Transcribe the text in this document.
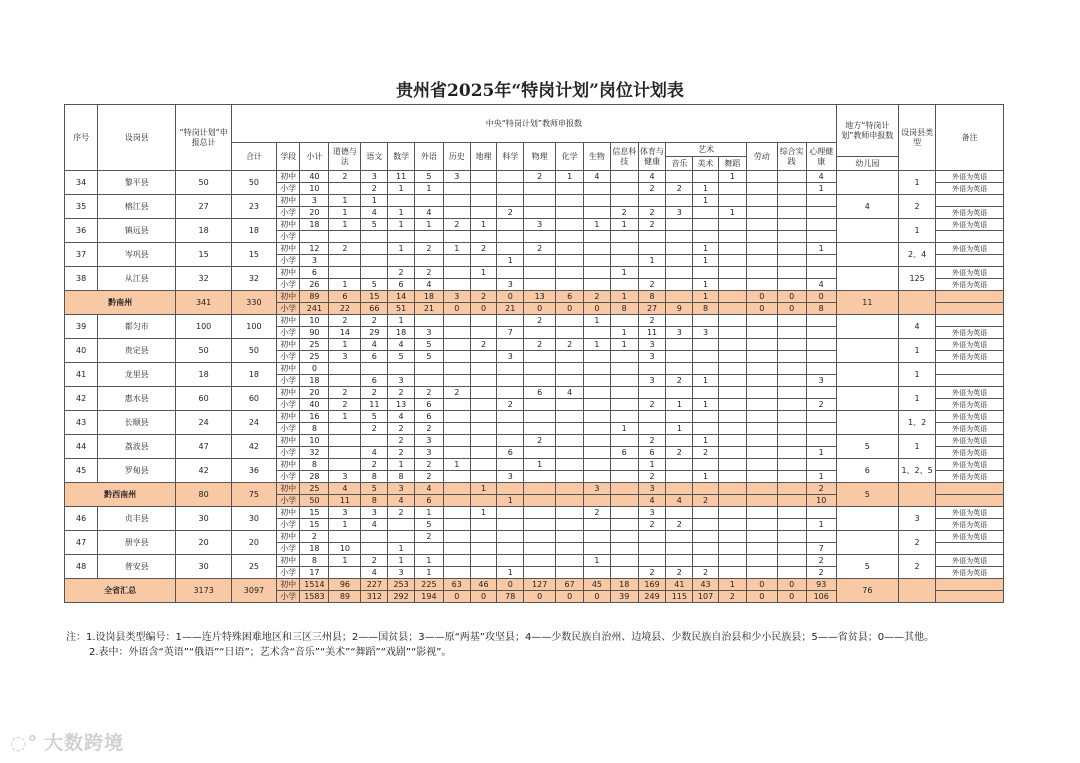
贵州省2025年“特岗计划”岗位计划表
序号	设岗县	“特岗计划”申报总计	中央“特岗计划”教师申报数																					地方“特岗计划”教师申报数	设岗县类型	备注
			合计	学段	小计	道德与法	语文	数学	外语	历史	地理	科学	物理	化学	生物	信息科技	体育与健康	艺术			劳动	综合实践	心理健康			
																		音乐	美术	舞蹈				幼儿园		
34	黎平县	50	50	初中	40	2	3	11	5	3			2	1	4		4			1			4		1	外语为英语
				小学	10		2	1	1								2	2	1				1			外语为英语
35	榕江县	27	23	初中	3	1	1												1					4	2	
				小学	20	1	4	1	4			2				2	2	3		1						外语为英语
36	镇远县	18	18	初中	18	1	5	1	1	2	1		3		1	1	2								1	外语为英语
				小学																						
37	岑巩县	15	15	初中	12	2		1	2	1	2		2						1				1		2、4	外语为英语
				小学	3							1					1		1							
38	从江县	32	32	初中	6			2	2		1					1									125	外语为英语
				小学	26	1	5	6	4			3					2		1				4			外语为英语
黔南州		341	330	初中	89	6	15	14	18	3	2	0	13	6	2	1	8		1		0	0	0	11		
				小学	241	22	66	51	21	0	0	21	0	0	0	8	27	9	8		0	0	8			
39	都匀市	100	100	初中	10	2	2	1					2		1		2								4	
				小学	90	14	29	18	3			7				1	11	3	3							外语为英语
40	贵定县	50	50	初中	25	1	4	4	5		2		2	2	1	1	3								1	外语为英语
				小学	25	3	6	5	5			3					3									外语为英语
41	龙里县	18	18	初中	0																				1	
				小学	18		6	3									3	2	1				3			
42	惠水县	60	60	初中	20	2	2	2	2	2			6	4											1	外语为英语
				小学	40	2	11	13	6			2					2	1	1				2			外语为英语
43	长顺县	24	24	初中	16	1	5	4	6																1、2	外语为英语
				小学	8		2	2	2							1		1								外语为英语
44	荔波县	47	42	初中	10			2	3				2				2		1					5	1	外语为英语
				小学	32		4	2	3			6				6	6	2	2				1			外语为英语
45	罗甸县	42	36	初中	8		2	1	2	1			1				1							6	1、2、5	外语为英语
				小学	28	3	8	8	2			3					2		1				1			外语为英语
黔西南州		80	75	初中	25	4	5	3	4		1				3		3						2	5		
				小学	50	11	8	4	6			1					4	4	2				10			
46	贞丰县	30	30	初中	15	3	3	2	1		1				2		3								3	外语为英语
				小学	15	1	4		5								2	2					1			外语为英语
47	册亨县	20	20	初中	2				2																2	外语为英语
				小学	18	10		1															7			
48	普安县	30	25	初中	8	1	2	1	1						1								2	5	2	外语为英语
				小学	17		4	3	1			1					2	2	2				2			外语为英语
全省汇总		3173	3097	初中	1514	96	227	253	225	63	46	0	127	67	45	18	169	41	43	1	0	0	93	76		
				小学	1583	89	312	292	194	0	0	78	0	0	0	39	249	115	107	2	0	0	106			
注：1.设岗县类型编号：1——连片特殊困难地区和三区三州县；2——国贫县；3——原“两基”攻坚县；4——少数民族自治州、边境县、少数民族自治县和少小民族县；5——省贫县；0——其他。
2.表中：外语含“英语”“俄语”“日语”；艺术含“音乐”“美术”“舞蹈”“戏剧”“影视”。
◌° 大数跨境
